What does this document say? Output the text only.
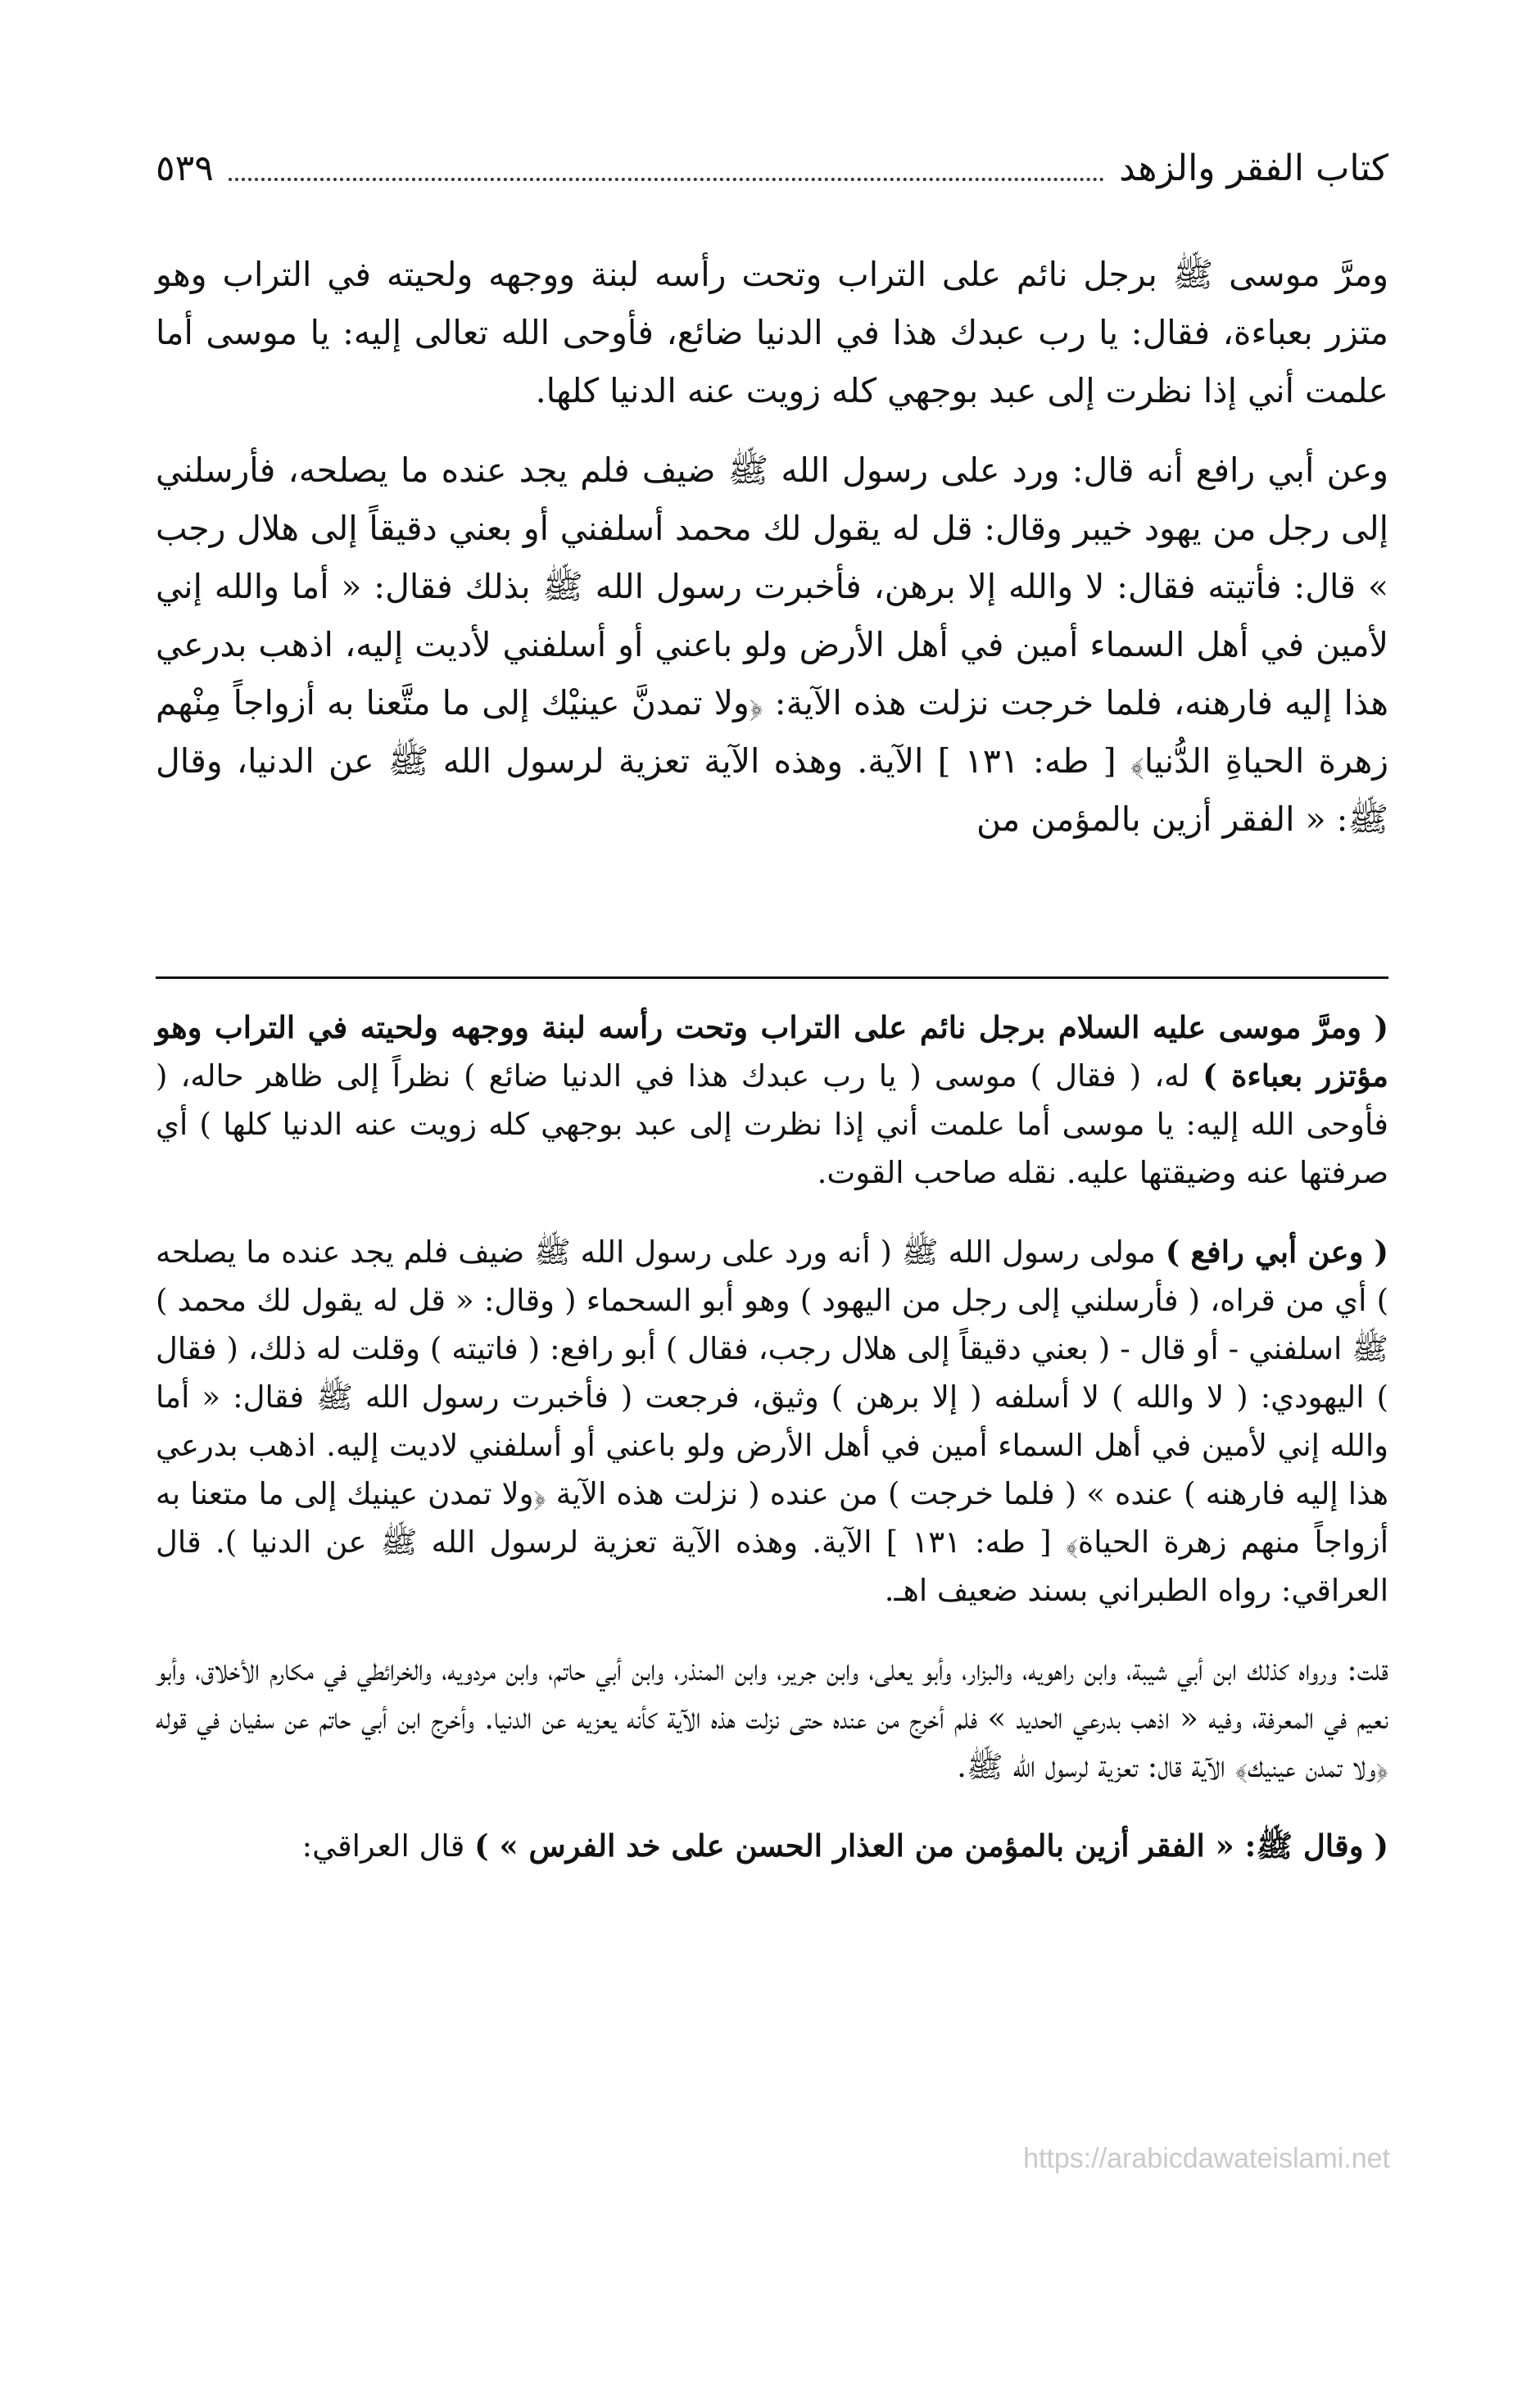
كتاب الفقر والزهد
٥٣٩

ومرَّ موسى ﷺ برجل نائم على التراب وتحت رأسه لبنة ووجهه ولحيته في التراب وهو متزر بعباءة، فقال: يا رب عبدك هذا في الدنيا ضائع، فأوحى الله تعالى إليه: يا موسى أما علمت أني إذا نظرت إلى عبد بوجهي كله زويت عنه الدنيا كلها.

وعن أبي رافع أنه قال: ورد على رسول الله ﷺ ضيف فلم يجد عنده ما يصلحه، فأرسلني إلى رجل من يهود خيبر وقال: قل له يقول لك محمد أسلفني أو بعني دقيقاً إلى هلال رجب » قال: فأتيته فقال: لا والله إلا برهن، فأخبرت رسول الله ﷺ بذلك فقال: « أما والله إني لأمين في أهل السماء أمين في أهل الأرض ولو باعني أو أسلفني لأديت إليه، اذهب بدرعي هذا إليه فارهنه، فلما خرجت نزلت هذه الآية: ﴿ولا تمدنَّ عينيْك إلى ما متَّعنا به أزواجاً مِنْهم زهرة الحياةِ الدُّنيا﴾ [ طه: ١٣١ ] الآية. وهذه الآية تعزية لرسول الله ﷺ عن الدنيا، وقال ﷺ: « الفقر أزين بالمؤمن من

( ومرَّ موسى عليه السلام برجل نائم على التراب وتحت رأسه لبنة ووجهه ولحيته في التراب وهو مؤتزر بعباءة ) له، ( فقال ) موسى ( يا رب عبدك هذا في الدنيا ضائع ) نظراً إلى ظاهر حاله، ( فأوحى الله إليه: يا موسى أما علمت أني إذا نظرت إلى عبد بوجهي كله زويت عنه الدنيا كلها ) أي صرفتها عنه وضيقتها عليه. نقله صاحب القوت.

( وعن أبي رافع ) مولى رسول الله ﷺ ( أنه ورد على رسول الله ﷺ ضيف فلم يجد عنده ما يصلحه ) أي من قراه، ( فأرسلني إلى رجل من اليهود ) وهو أبو السحماء ( وقال: « قل له يقول لك محمد ) ﷺ اسلفني - أو قال - ( بعني دقيقاً إلى هلال رجب، فقال ) أبو رافع: ( فاتيته ) وقلت له ذلك، ( فقال ) اليهودي: ( لا والله ) لا أسلفه ( إلا برهن ) وثيق، فرجعت ( فأخبرت رسول الله ﷺ فقال: « أما والله إني لأمين في أهل السماء أمين في أهل الأرض ولو باعني أو أسلفني لاديت إليه. اذهب بدرعي هذا إليه فارهنه ) عنده » ( فلما خرجت ) من عنده ( نزلت هذه الآية ﴿ولا تمدن عينيك إلى ما متعنا به أزواجاً منهم زهرة الحياة﴾ [ طه: ١٣١ ] الآية. وهذه الآية تعزية لرسول الله ﷺ عن الدنيا ). قال العراقي: رواه الطبراني بسند ضعيف اهـ.

قلت: ورواه كذلك ابن أبي شيبة، وابن راهويه، والبزار، وأبو يعلى، وابن جرير، وابن المنذر، وابن أبي حاتم، وابن مردويه، والخرائطي في مكارم الأخلاق، وأبو نعيم في المعرفة، وفيه « اذهب بدرعي الحديد » فلم أخرج من عنده حتى نزلت هذه الآية كأنه يعزيه عن الدنيا. وأخرج ابن أبي حاتم عن سفيان في قوله ﴿ولا تمدن عينيك﴾ الآية قال: تعزية لرسول الله ﷺ.

( وقال ﷺ: « الفقر أزين بالمؤمن من العذار الحسن على خد الفرس » ) قال العراقي:

https://arabicdawateislami.net
